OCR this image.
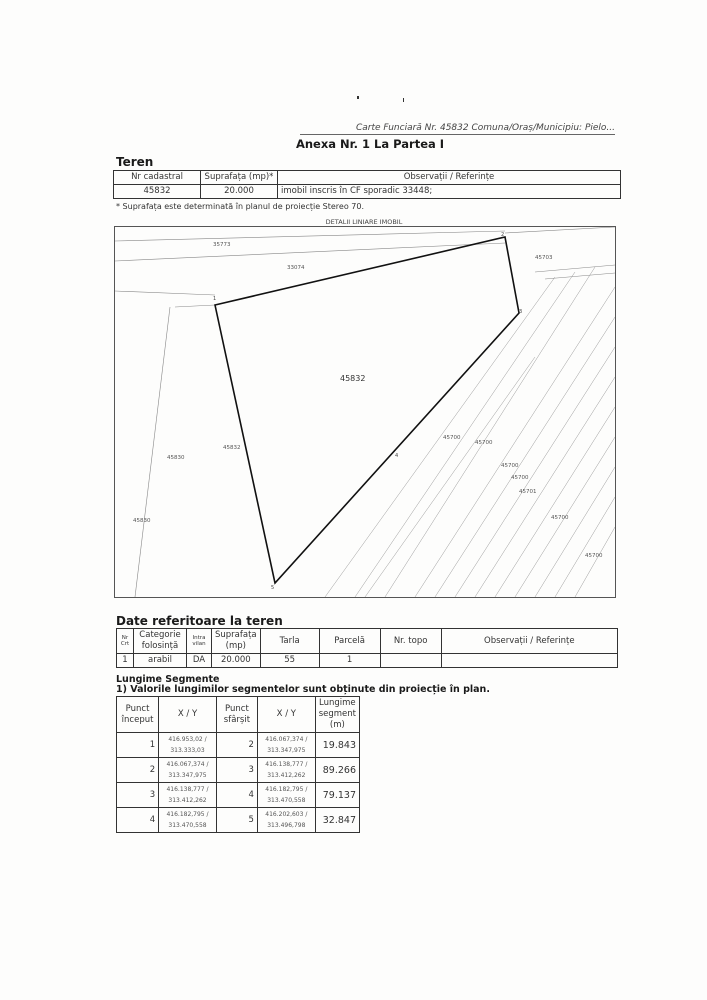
Carte Funciară Nr. 45832 Comuna/Oraș/Municipiu: Pielo...
Anexa Nr. 1 La Partea I
Teren
Nr cadastral	Suprafața (mp)*	Observații / Referințe
45832	20.000	imobil inscris în CF sporadic 33448;
* Suprafața este determinată în planul de proiecție Stereo 70.
DETALII LINIARE IMOBIL
45832
35773
33074
45703
45830
45830
45832
45700
45700
45700
45700
45700
45700
45701
1
2
3
4
5
Date referitoare la teren
Nr Crt	Categorie folosință	Intra vilan	Suprafața (mp)	Tarla	Parcelă	Nr. topo	Observații / Referințe
1	arabil	DA	20.000	55	1		
Lungime Segmente
1) Valorile lungimilor segmentelor sunt obținute din proiecție în plan.
Punct început	X / Y	Punct sfârșit	X / Y	Lungime segment (m)
1	416.953,02 / 313.333,03	2	416.067,374 / 313.347,975	19.843
2	416.067,374 / 313.347,975	3	416.138,777 / 313.412,262	89.266
3	416.138,777 / 313.412,262	4	416.182,795 / 313.470,558	79.137
4	416.182,795 / 313.470,558	5	416.202,603 / 313.496,798	32.847
